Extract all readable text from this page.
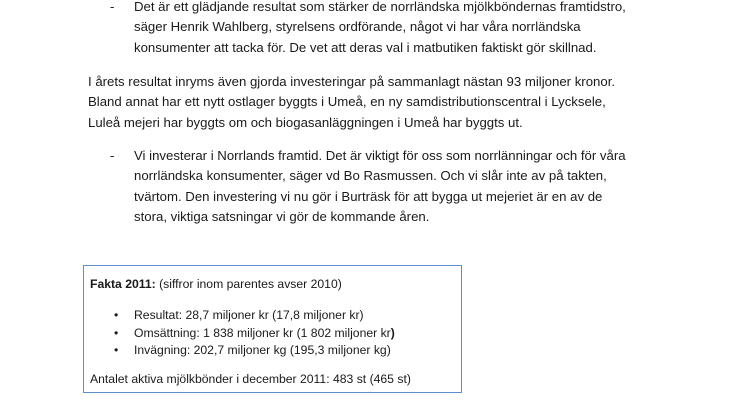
- Det är ett glädjande resultat som stärker de norrländska mjölkböndernas framtidstro,
säger Henrik Wahlberg, styrelsens ordförande, något vi har våra norrländska
konsumenter att tacka för. De vet att deras val i matbutiken faktiskt gör skillnad.
I årets resultat inryms även gjorda investeringar på sammanlagt nästan 93 miljoner kronor.
Bland annat har ett nytt ostlager byggts i Umeå, en ny samdistributionscentral i Lycksele,
Luleå mejeri har byggts om och biogasanläggningen i Umeå har byggts ut.
- Vi investerar i Norrlands framtid. Det är viktigt för oss som norrlänningar och för våra
norrländska konsumenter, säger vd Bo Rasmussen. Och vi slår inte av på takten,
tvärtom. Den investering vi nu gör i Burträsk för att bygga ut mejeriet är en av de
stora, viktiga satsningar vi gör de kommande åren.
Fakta 2011: (siffror inom parentes avser 2010)
• Resultat: 28,7 miljoner kr (17,8 miljoner kr)
• Omsättning: 1 838 miljoner kr (1 802 miljoner kr)
• Invägning: 202,7 miljoner kg (195,3 miljoner kg)
Antalet aktiva mjölkbönder i december 2011: 483 st (465 st)
